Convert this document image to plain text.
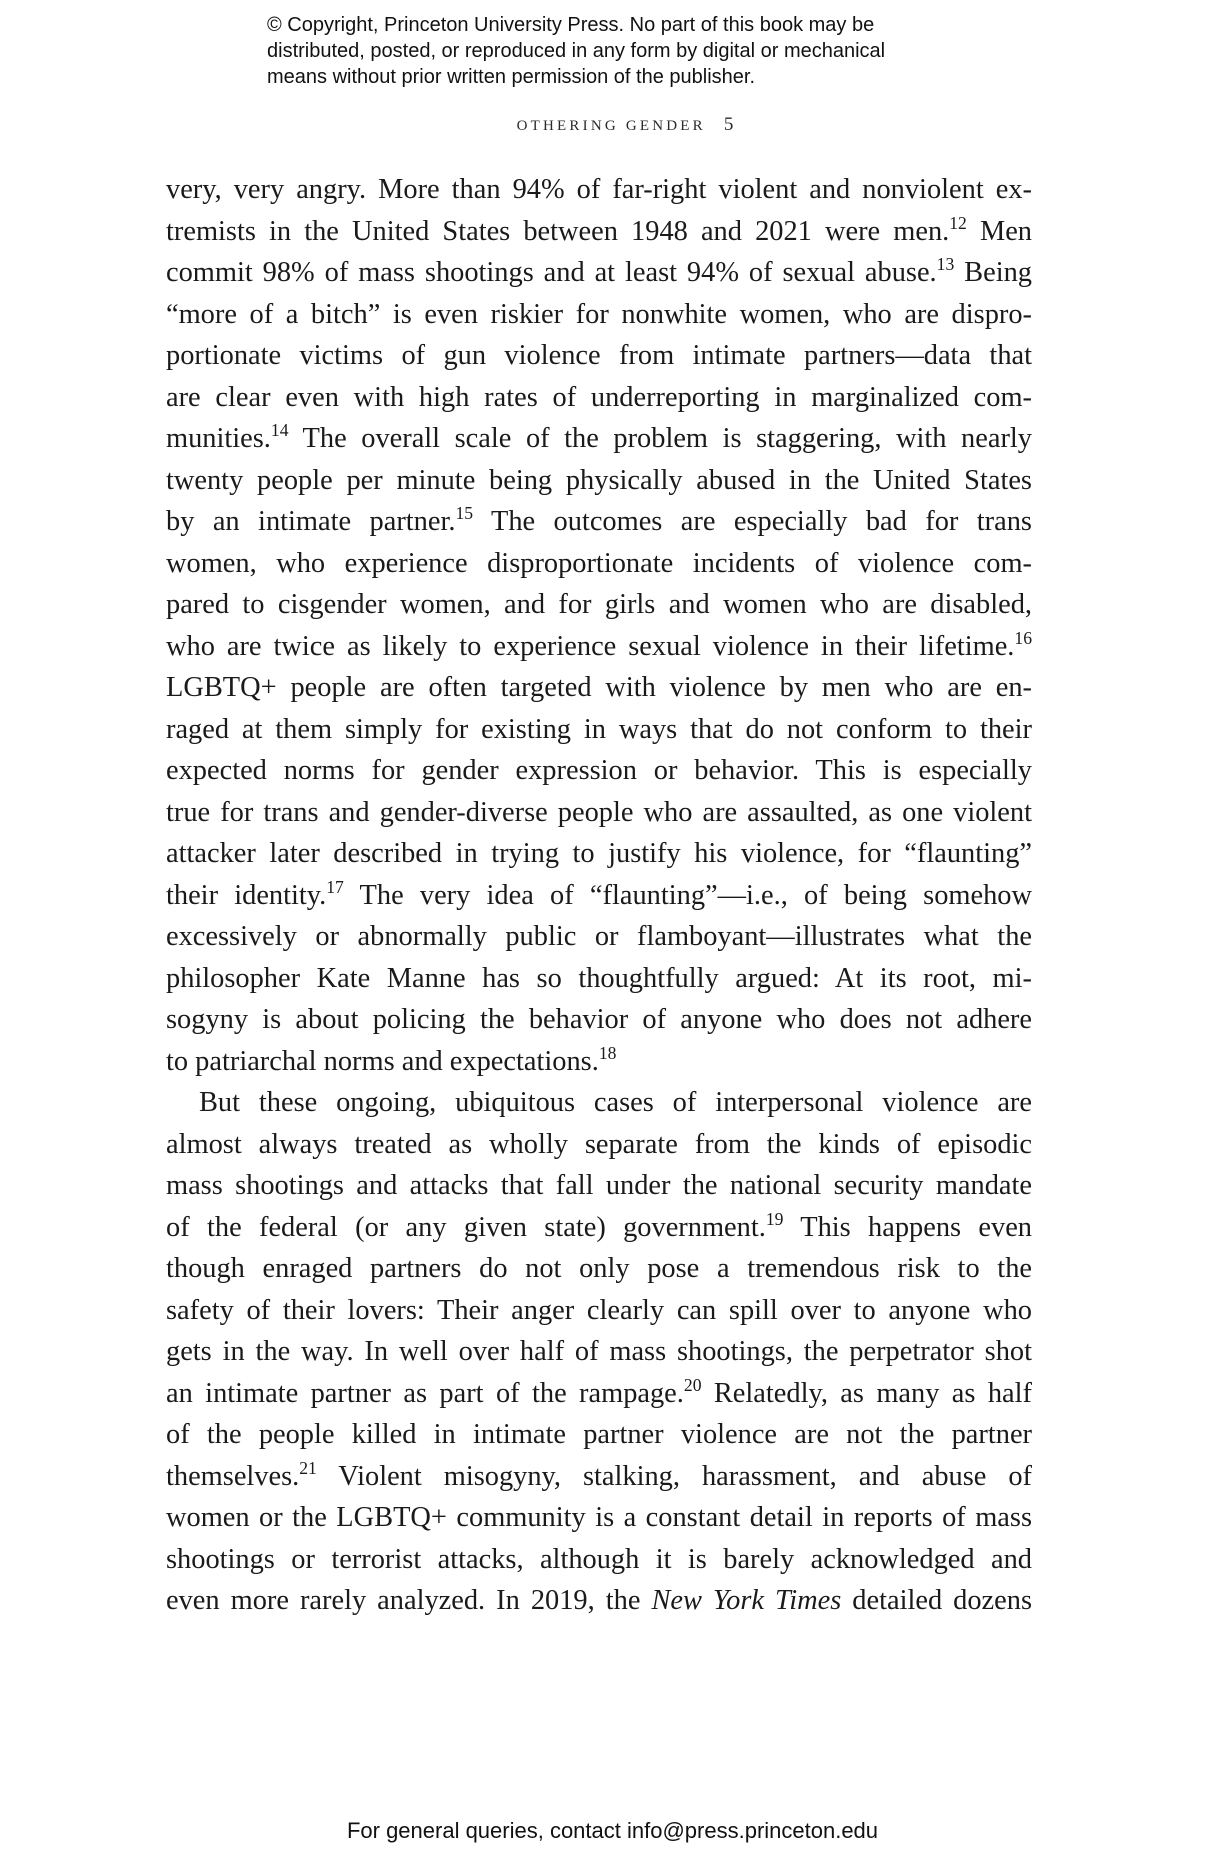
© Copyright, Princeton University Press. No part of this book may be
distributed, posted, or reproduced in any form by digital or mechanical
means without prior written permission of the publisher.
OTHERING GENDER 5
very, very angry. More than 94% of far-right violent and nonviolent ex-
tremists in the United States between 1948 and 2021 were men.$^{12}$ Men
commit 98% of mass shootings and at least 94% of sexual abuse.$^{13}$ Being
“more of a bitch” is even riskier for nonwhite women, who are dispro-
portionate victims of gun violence from intimate partners—data that
are clear even with high rates of underreporting in marginalized com-
munities.$^{14}$ The overall scale of the problem is staggering, with nearly
twenty people per minute being physically abused in the United States
by an intimate partner.$^{15}$ The outcomes are especially bad for trans
women, who experience disproportionate incidents of violence com-
pared to cisgender women, and for girls and women who are disabled,
who are twice as likely to experience sexual violence in their lifetime.$^{16}$
LGBTQ+ people are often targeted with violence by men who are en-
raged at them simply for existing in ways that do not conform to their
expected norms for gender expression or behavior. This is especially
true for trans and gender-diverse people who are assaulted, as one violent
attacker later described in trying to justify his violence, for “flaunting”
their identity.$^{17}$ The very idea of “flaunting”—i.e., of being somehow
excessively or abnormally public or flamboyant—illustrates what the
philosopher Kate Manne has so thoughtfully argued: At its root, mi-
sogyny is about policing the behavior of anyone who does not adhere
to patriarchal norms and expectations.$^{18}$
But these ongoing, ubiquitous cases of interpersonal violence are
almost always treated as wholly separate from the kinds of episodic
mass shootings and attacks that fall under the national security mandate
of the federal (or any given state) government.$^{19}$ This happens even
though enraged partners do not only pose a tremendous risk to the
safety of their lovers: Their anger clearly can spill over to anyone who
gets in the way. In well over half of mass shootings, the perpetrator shot
an intimate partner as part of the rampage.$^{20}$ Relatedly, as many as half
of the people killed in intimate partner violence are not the partner
themselves.$^{21}$ Violent misogyny, stalking, harassment, and abuse of
women or the LGBTQ+ community is a constant detail in reports of mass
shootings or terrorist attacks, although it is barely acknowledged and
even more rarely analyzed. In 2019, the New York Times detailed dozens
For general queries, contact info@press.princeton.edu
